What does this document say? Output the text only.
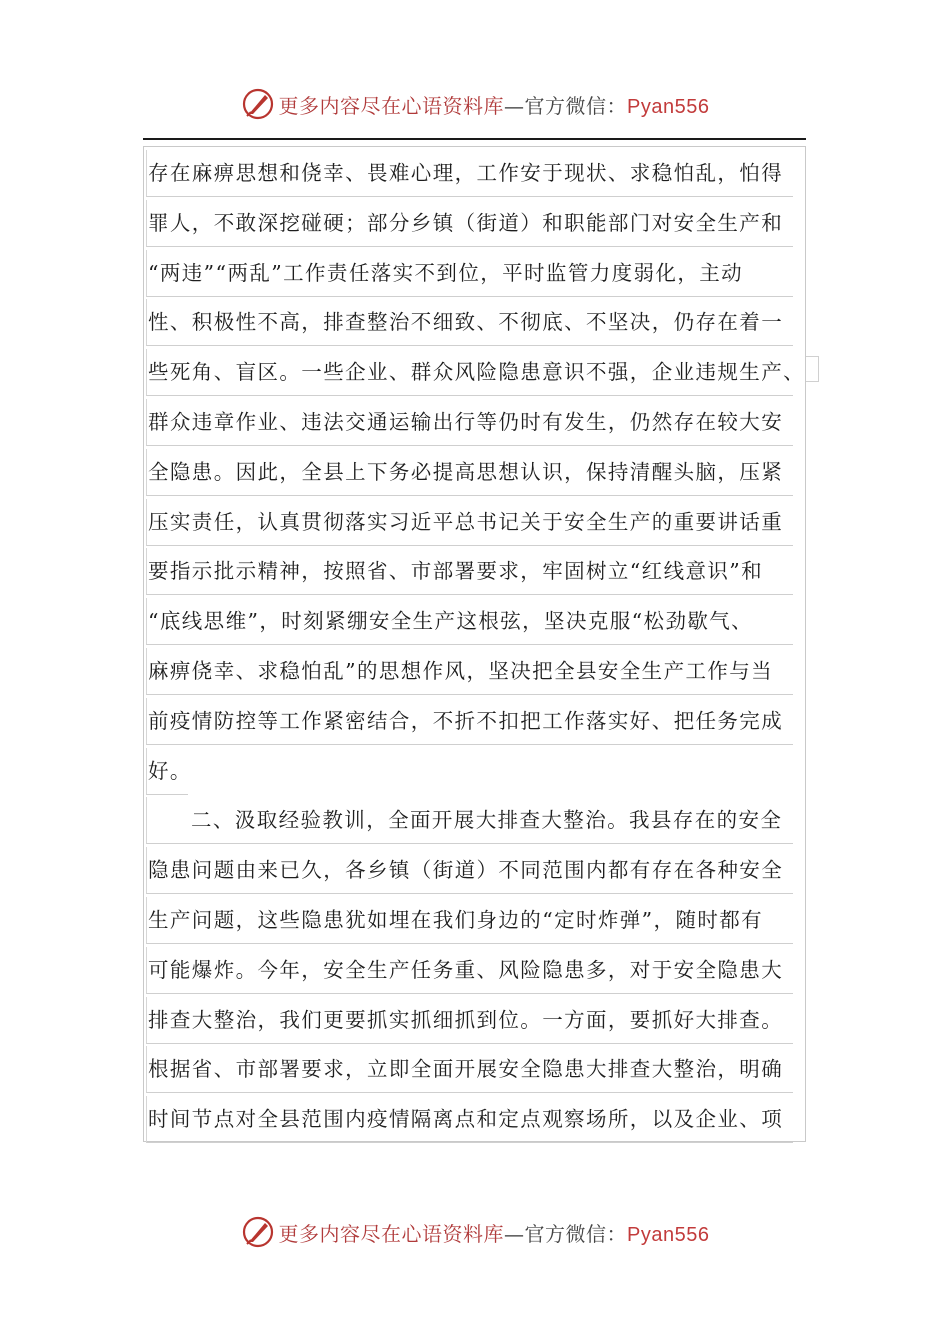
更多内容尽在心语资料库—官方微信：Pyan556
存在麻痹思想和侥幸、畏难心理，工作安于现状、求稳怕乱，怕得
罪人，不敢深挖碰硬；部分乡镇（街道）和职能部门对安全生产和
“两违”“两乱”工作责任落实不到位，平时监管力度弱化，主动
性、积极性不高，排查整治不细致、不彻底、不坚决，仍存在着一
些死角、盲区。一些企业、群众风险隐患意识不强，企业违规生产、
群众违章作业、违法交通运输出行等仍时有发生，仍然存在较大安
全隐患。因此，全县上下务必提高思想认识，保持清醒头脑，压紧
压实责任，认真贯彻落实习近平总书记关于安全生产的重要讲话重
要指示批示精神，按照省、市部署要求，牢固树立“红线意识”和
“底线思维”，时刻紧绷安全生产这根弦，坚决克服“松劲歇气、
麻痹侥幸、求稳怕乱”的思想作风，坚决把全县安全生产工作与当
前疫情防控等工作紧密结合，不折不扣把工作落实好、把任务完成
好。
二、汲取经验教训，全面开展大排查大整治。我县存在的安全
隐患问题由来已久，各乡镇（街道）不同范围内都有存在各种安全
生产问题，这些隐患犹如埋在我们身边的“定时炸弹”，随时都有
可能爆炸。今年，安全生产任务重、风险隐患多，对于安全隐患大
排查大整治，我们更要抓实抓细抓到位。一方面，要抓好大排查。
根据省、市部署要求，立即全面开展安全隐患大排查大整治，明确
时间节点对全县范围内疫情隔离点和定点观察场所，以及企业、项
更多内容尽在心语资料库—官方微信：Pyan556
